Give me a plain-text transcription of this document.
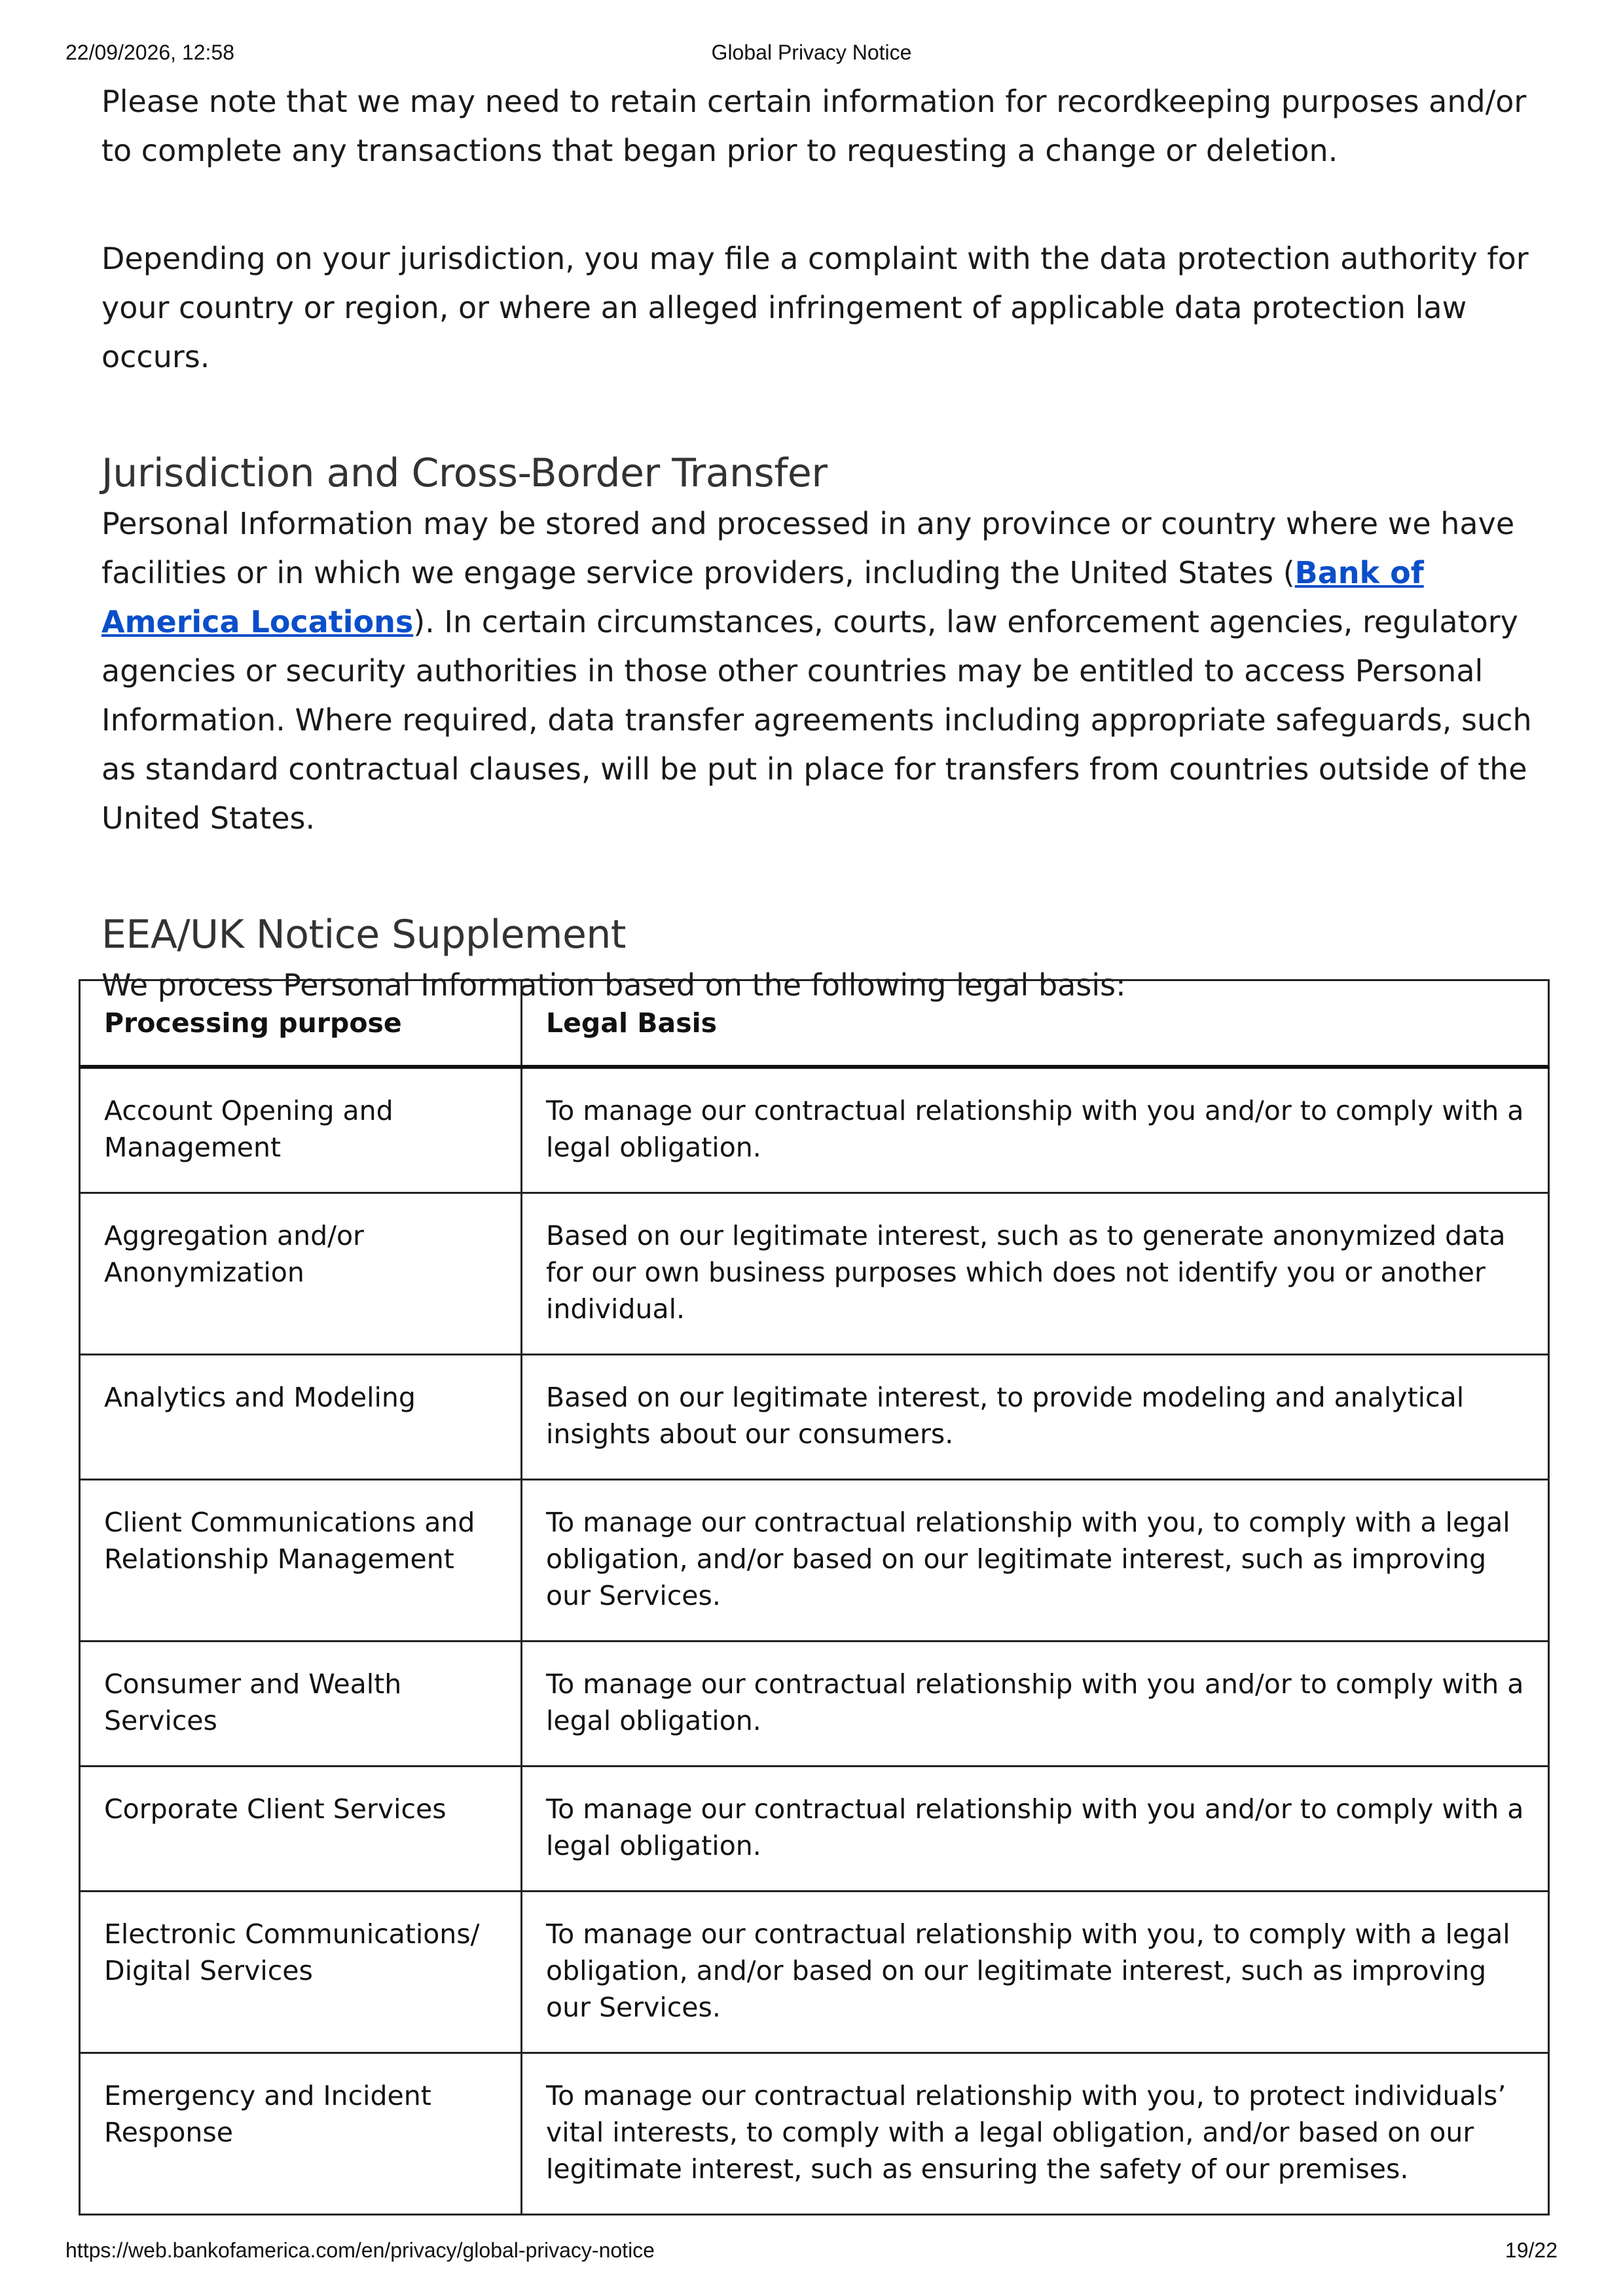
22/09/2026, 12:58	Global Privacy Notice

Please note that we may need to retain certain information for recordkeeping purposes and/or to complete any transactions that began prior to requesting a change or deletion.

Depending on your jurisdiction, you may file a complaint with the data protection authority for your country or region, or where an alleged infringement of applicable data protection law occurs.

Jurisdiction and Cross-Border Transfer

Personal Information may be stored and processed in any province or country where we have facilities or in which we engage service providers, including the United States (Bank of America Locations). In certain circumstances, courts, law enforcement agencies, regulatory agencies or security authorities in those other countries may be entitled to access Personal Information. Where required, data transfer agreements including appropriate safeguards, such as standard contractual clauses, will be put in place for transfers from countries outside of the United States.

EEA/UK Notice Supplement

We process Personal Information based on the following legal basis:

Processing purpose	Legal Basis
Account Opening and Management	To manage our contractual relationship with you and/or to comply with a legal obligation.
Aggregation and/or Anonymization	Based on our legitimate interest, such as to generate anonymized data for our own business purposes which does not identify you or another individual.
Analytics and Modeling	Based on our legitimate interest, to provide modeling and analytical insights about our consumers.
Client Communications and Relationship Management	To manage our contractual relationship with you, to comply with a legal obligation, and/or based on our legitimate interest, such as improving our Services.
Consumer and Wealth Services	To manage our contractual relationship with you and/or to comply with a legal obligation.
Corporate Client Services	To manage our contractual relationship with you and/or to comply with a legal obligation.
Electronic Communications/ Digital Services	To manage our contractual relationship with you, to comply with a legal obligation, and/or based on our legitimate interest, such as improving our Services.
Emergency and Incident Response	To manage our contractual relationship with you, to protect individuals’ vital interests, to comply with a legal obligation, and/or based on our legitimate interest, such as ensuring the safety of our premises.
https://web.bankofamerica.com/en/privacy/global-privacy-notice	19/22
